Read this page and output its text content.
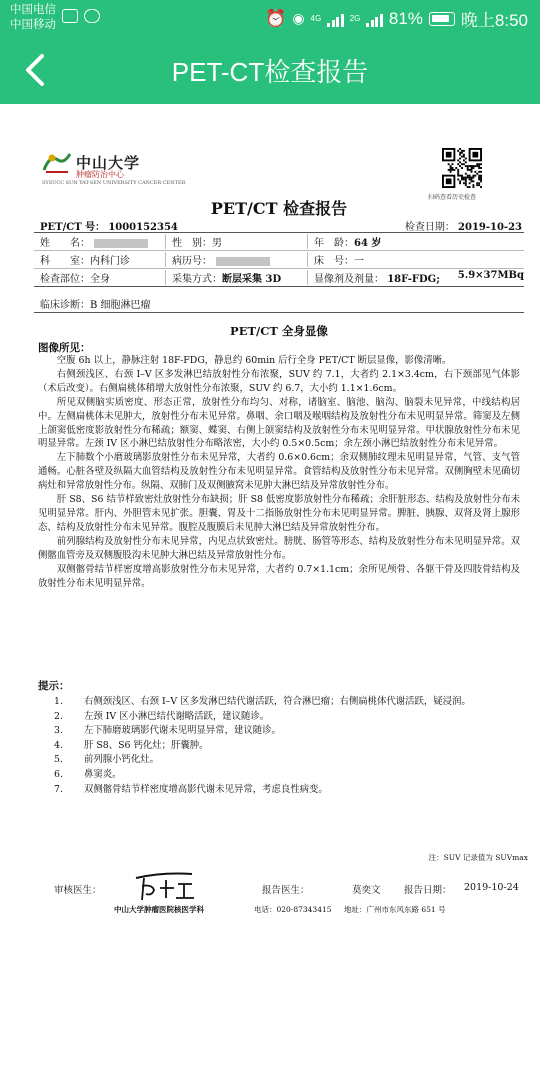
中国电信
中国移动	⏰ ◉ 4G	2G 81% 晚上8:50
PET-CT检查报告
中山大学
肿瘤防治中心
SYSUCC SUN YAT-SEN UNIVERSITY CANCER CENTER
扫码查看历史检查
PET/CT 检查报告
PET/CT 号： 1000152354	检查日期： 2019-10-23
姓　　名：	性　别：男	年　龄：64 岁
科　　室：内科门诊	病历号：	床　号：一
检查部位：全身	采集方式：断层采集 3D	显像剂及剂量： 18F-FDG; 5.9×37MBq
临床诊断：B 细胞淋巴瘤
PET/CT 全身显像
图像所见：

空腹 6h 以上，静脉注射 18F-FDG，静息约 60min 后行全身 PET/CT 断层显像，影像清晰。

右侧颈浅区、右颈 I–V 区多发淋巴结放射性分布浓聚，SUV 约 7.1，大者约 2.1×3.4cm，右下颈部见气体影（术后改变）。右侧扁桃体稍增大放射性分布浓聚，SUV 约 6.7，大小约 1.1×1.6cm。

所见双侧脑实质密度、形态正常，放射性分布均匀、对称，诸脑室、脑池、脑沟、脑裂未见异常，中线结构居中。左侧扁桃体未见肿大，放射性分布未见异常。鼻咽、余口咽及喉咽结构及放射性分布未见明显异常。筛窦及左侧上颌窦低密度影放射性分布稀疏；额窦、蝶窦、右侧上颌窦结构及放射性分布未见明显异常。甲状腺放射性分布未见明显异常。左颈 IV 区小淋巴结放射性分布略浓密，大小约 0.5×0.5cm；余左颈小淋巴结放射性分布未见异常。

左下肺数个小磨玻璃影放射性分布未见异常，大者约 0.6×0.6cm；余双侧肺纹理未见明显异常，气管、支气管通畅。心脏各壁及纵隔大血管结构及放射性分布未见明显异常。食管结构及放射性分布未见异常。双侧胸壁未见确切病灶和异常放射性分布。纵隔、双肺门及双侧腋窝未见肿大淋巴结及异常放射性分布。

肝 S8、S6 结节样致密灶放射性分布缺损；肝 S8 低密度影放射性分布稀疏；余肝脏形态、结构及放射性分布未见明显异常。肝内、外胆管未见扩张。胆囊、胃及十二指肠放射性分布未见明显异常。脾脏、胰腺、双肾及肾上腺形态、结构及放射性分布未见异常。腹腔及腹膜后未见肿大淋巴结及异常放射性分布。

前列腺结构及放射性分布未见异常，内见点状致密灶。膀胱、肠管等形态、结构及放射性分布未见明显异常。双侧髂血管旁及双侧腹股沟未见肿大淋巴结及异常放射性分布。

双侧髂骨结节样密度增高影放射性分布未见异常，大者约 0.7×1.1cm；余所见颅骨、各躯干骨及四肢骨结构及放射性分布未见明显异常。

提示：
1.	右侧颈浅区、右颈 I–V 区多发淋巴结代谢活跃，符合淋巴瘤；右侧扁桃体代谢活跃，疑浸润。
2.	左颈 IV 区小淋巴结代谢略活跃，建议随诊。
3.	左下肺磨玻璃影代谢未见明显异常，建议随诊。
4.	肝 S8、S6 钙化灶；肝囊肿。
5.	前列腺小钙化灶。
6.	鼻窦炎。
7.	双侧髂骨结节样密度增高影代谢未见异常，考虑良性病变。
注：SUV 记录值为 SUVmax
审核医生：	报告医生：	莫奕文 报告日期： 2019-10-24
中山大学肿瘤医院核医学科	电话：020-87343415 地址：广州市东风东路 651 号
